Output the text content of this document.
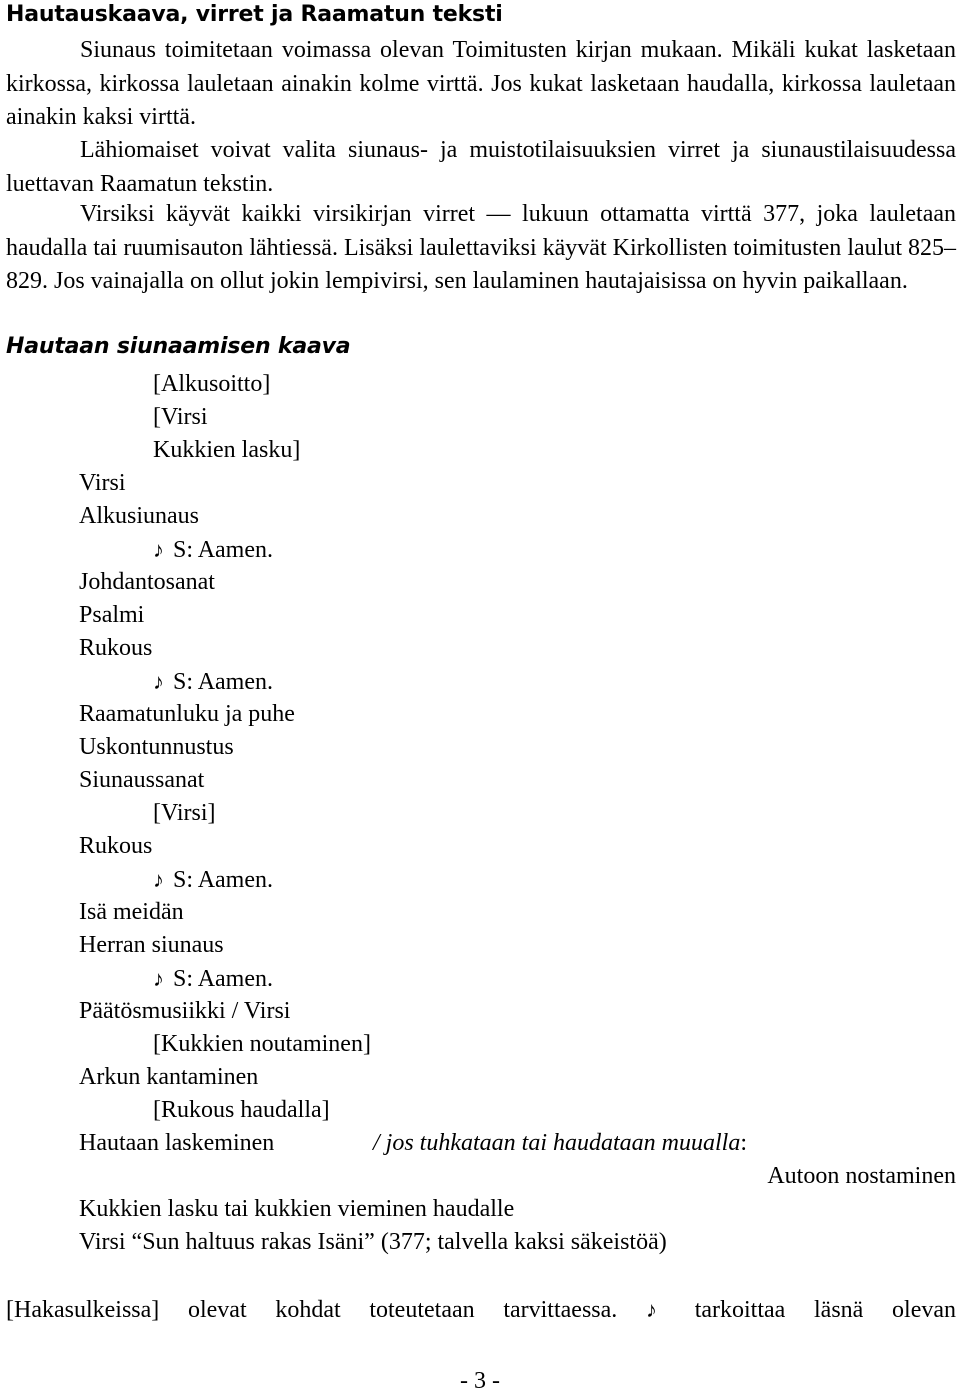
Hautauskaava, virret ja Raamatun teksti
Siunaus toimitetaan voimassa olevan Toimitusten kirjan mukaan. Mikäli kukat lasketaan kirkossa, kirkossa lauletaan ainakin kolme virttä. Jos kukat lasketaan haudalla, kirkossa lauletaan ainakin kaksi virttä.
Lähiomaiset voivat valita siunaus- ja muistotilaisuuksien virret ja siunaustilaisuudessa luettavan Raamatun tekstin.
Virsiksi käyvät kaikki virsikirjan virret — lukuun ottamatta virttä 377, joka lauletaan haudalla tai ruumisauton lähtiessä. Lisäksi laulettaviksi käyvät Kirkollisten toimitusten laulut 825–829. Jos vainajalla on ollut jokin lempivirsi, sen laulaminen hautajaisissa on hyvin paikallaan.
Hautaan siunaamisen kaava
[Alkusoitto]
[Virsi
Kukkien lasku]
Virsi
Alkusiunaus
♪ S: Aamen.
Johdantosanat
Psalmi
Rukous
♪ S: Aamen.
Raamatunluku ja puhe
Uskontunnustus
Siunaussanat
[Virsi]
Rukous
♪ S: Aamen.
Isä meidän
Herran siunaus
♪ S: Aamen.
Päätösmusiikki / Virsi
[Kukkien noutaminen]
Arkun kantaminen
[Rukous haudalla]
Hautaan laskeminen	/ jos tuhkataan tai haudataan muualla:
Autoon nostaminen
Kukkien lasku tai kukkien vieminen haudalle
Virsi “Sun haltuus rakas Isäni” (377; talvella kaksi säkeistöä)
[Hakasulkeissa] olevat kohdat toteutetaan tarvittaessa. ♪ tarkoittaa läsnä olevan
- 3 -
